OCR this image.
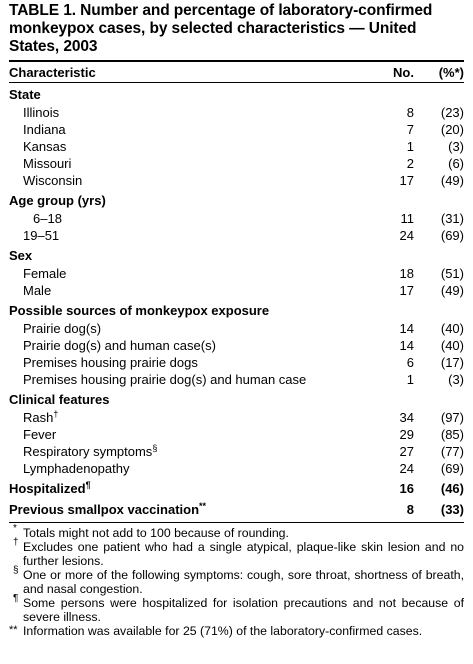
TABLE 1. Number and percentage of laboratory-confirmed monkeypox cases, by selected characteristics — United States, 2003

Characteristic	No.	(%*)
State
Illinois	8	(23)
Indiana	7	(20)
Kansas	1	(3)
Missouri	2	(6)
Wisconsin	17	(49)
Age group (yrs)
6–18	11	(31)
19–51	24	(69)
Sex
Female	18	(51)
Male	17	(49)
Possible sources of monkeypox exposure
Prairie dog(s)	14	(40)
Prairie dog(s) and human case(s)	14	(40)
Premises housing prairie dogs	6	(17)
Premises housing prairie dog(s) and human case	1	(3)
Clinical features
Rash†	34	(97)
Fever	29	(85)
Respiratory symptoms§	27	(77)
Lymphadenopathy	24	(69)
Hospitalized¶	16	(46)
Previous smallpox vaccination**	8	(33)
* Totals might not add to 100 because of rounding.
† Excludes one patient who had a single atypical, plaque-like skin lesion and no further lesions.
§ One or more of the following symptoms: cough, sore throat, shortness of breath, and nasal congestion.
¶ Some persons were hospitalized for isolation precautions and not because of severe illness.
** Information was available for 25 (71%) of the laboratory-confirmed cases.
